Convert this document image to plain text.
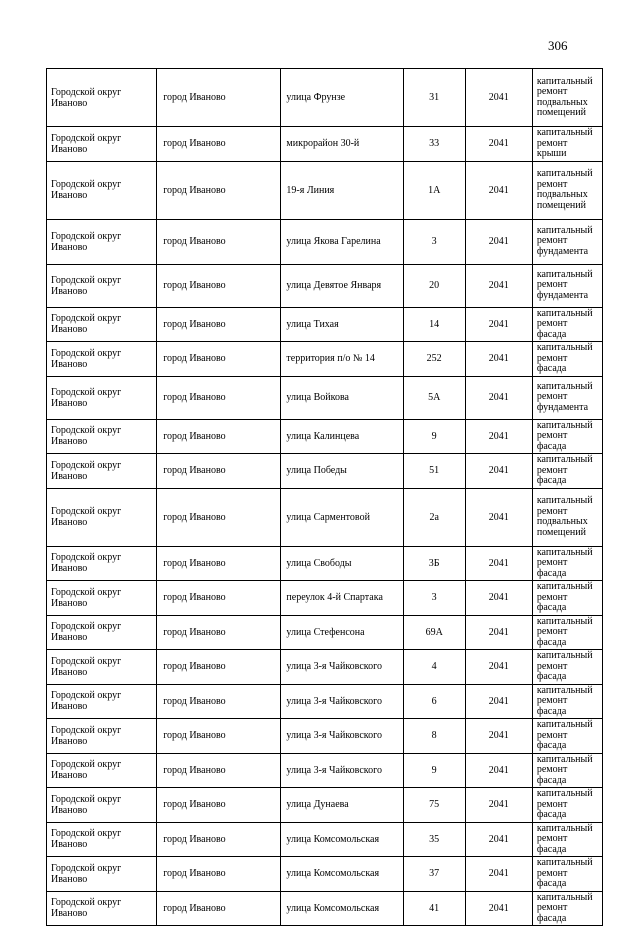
306
Городской округ Иваново	город Иваново	улица Фрунзе	31	2041	капитальный ремонт подвальных помещений
Городской округ Иваново	город Иваново	микрорайон 30-й	33	2041	капитальный ремонт крыши
Городской округ Иваново	город Иваново	19-я Линия	1А	2041	капитальный ремонт подвальных помещений
Городской округ Иваново	город Иваново	улица Якова Гарелина	3	2041	капитальный ремонт фундамента
Городской округ Иваново	город Иваново	улица Девятое Января	20	2041	капитальный ремонт фундамента
Городской округ Иваново	город Иваново	улица Тихая	14	2041	капитальный ремонт фасада
Городской округ Иваново	город Иваново	территория п/о № 14	252	2041	капитальный ремонт фасада
Городской округ Иваново	город Иваново	улица Войкова	5А	2041	капитальный ремонт фундамента
Городской округ Иваново	город Иваново	улица Калинцева	9	2041	капитальный ремонт фасада
Городской округ Иваново	город Иваново	улица Победы	51	2041	капитальный ремонт фасада
Городской округ Иваново	город Иваново	улица Сарментовой	2а	2041	капитальный ремонт подвальных помещений
Городской округ Иваново	город Иваново	улица Свободы	3Б	2041	капитальный ремонт фасада
Городской округ Иваново	город Иваново	переулок 4-й Спартака	3	2041	капитальный ремонт фасада
Городской округ Иваново	город Иваново	улица Стефенсона	69А	2041	капитальный ремонт фасада
Городской округ Иваново	город Иваново	улица 3-я Чайковского	4	2041	капитальный ремонт фасада
Городской округ Иваново	город Иваново	улица 3-я Чайковского	6	2041	капитальный ремонт фасада
Городской округ Иваново	город Иваново	улица 3-я Чайковского	8	2041	капитальный ремонт фасада
Городской округ Иваново	город Иваново	улица 3-я Чайковского	9	2041	капитальный ремонт фасада
Городской округ Иваново	город Иваново	улица Дунаева	75	2041	капитальный ремонт фасада
Городской округ Иваново	город Иваново	улица Комсомольская	35	2041	капитальный ремонт фасада
Городской округ Иваново	город Иваново	улица Комсомольская	37	2041	капитальный ремонт фасада
Городской округ Иваново	город Иваново	улица Комсомольская	41	2041	капитальный ремонт фасада
